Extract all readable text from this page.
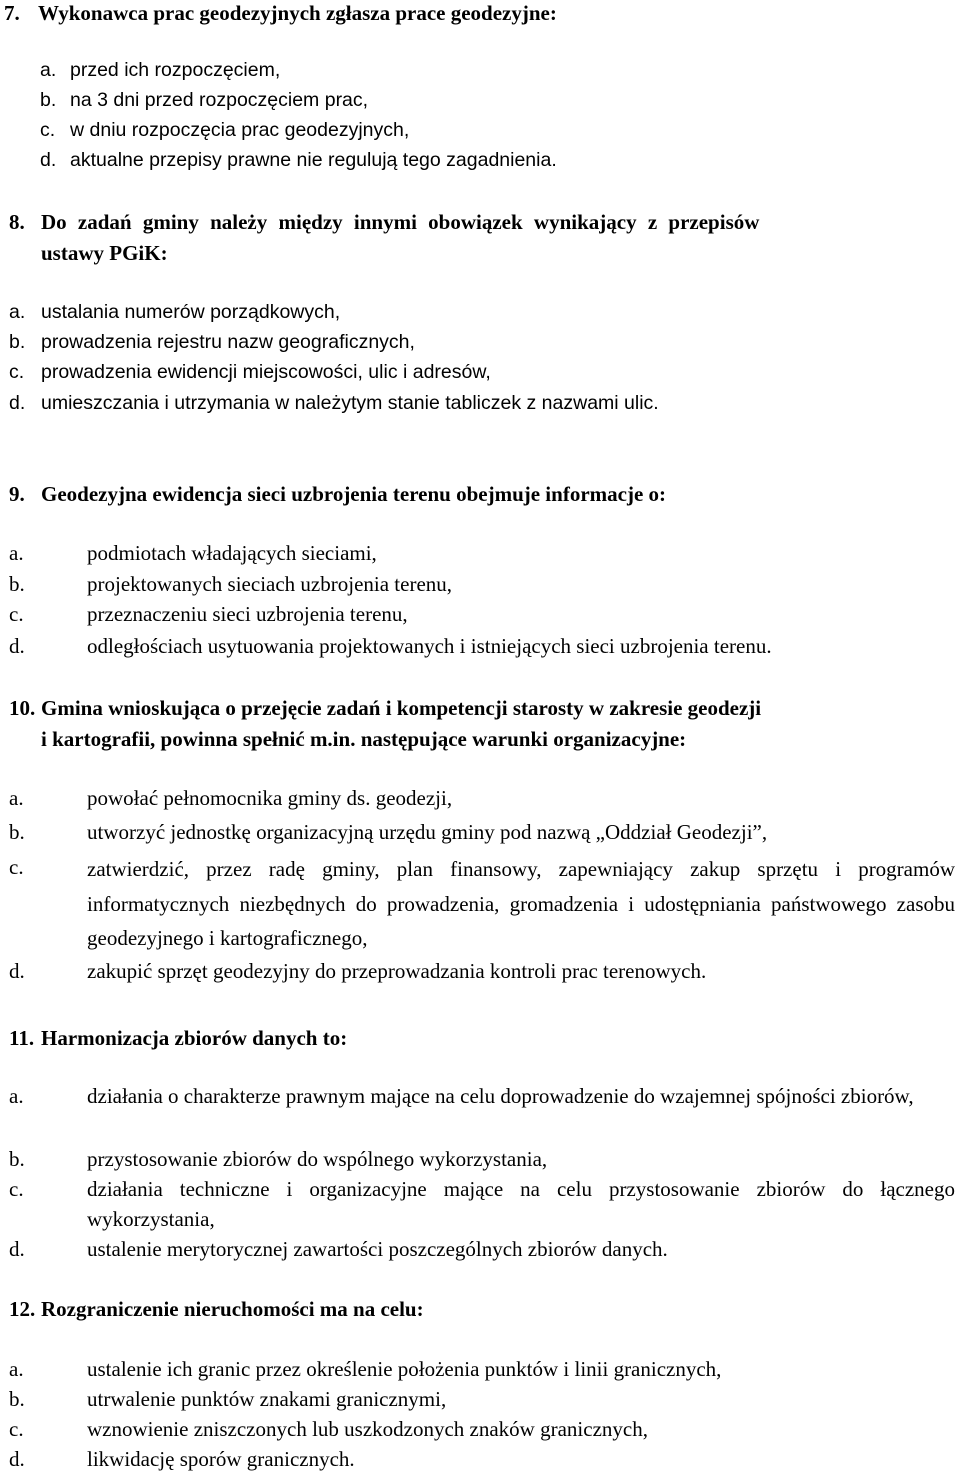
7. Wykonawca prac geodezyjnych zgłasza prace geodezyjne:
a. przed ich rozpoczęciem,
b. na 3 dni przed rozpoczęciem prac,
c. w dniu rozpoczęcia prac geodezyjnych,
d. aktualne przepisy prawne nie regulują tego zagadnienia.
8. Do zadań gminy należy między innymi obowiązek wynikający z przepisów
ustawy PGiK:
a. ustalania numerów porządkowych,
b. prowadzenia rejestru nazw geograficznych,
c. prowadzenia ewidencji miejscowości, ulic i adresów,
d. umieszczania i utrzymania w należytym stanie tabliczek z nazwami ulic.
9. Geodezyjna ewidencja sieci uzbrojenia terenu obejmuje informacje o:
a.	podmiotach władających sieciami,
b.	projektowanych sieciach uzbrojenia terenu,
c.	przeznaczeniu sieci uzbrojenia terenu,
d.	odległościach usytuowania projektowanych i istniejących sieci uzbrojenia terenu.
10. Gmina wnioskująca o przejęcie zadań i kompetencji starosty w zakresie geodezji
i kartografii, powinna spełnić m.in. następujące warunki organizacyjne:
a.	powołać pełnomocnika gminy ds. geodezji,
b.	utworzyć jednostkę organizacyjną urzędu gminy pod nazwą „Oddział Geodezji”,
c.	zatwierdzić, przez radę gminy, plan finansowy, zapewniający zakup sprzętu i programów informatycznych niezbędnych do prowadzenia, gromadzenia i udostępniania państwowego zasobu geodezyjnego i kartograficznego,
d.	zakupić sprzęt geodezyjny do przeprowadzania kontroli prac terenowych.
11. Harmonizacja zbiorów danych to:
a.	działania o charakterze prawnym mające na celu doprowadzenie do wzajemnej spójności zbiorów,
b.	przystosowanie zbiorów do wspólnego wykorzystania,
c.	działania techniczne i organizacyjne mające na celu przystosowanie zbiorów do łącznego wykorzystania,
d.	ustalenie merytorycznej zawartości poszczególnych zbiorów danych.
12. Rozgraniczenie nieruchomości ma na celu:
a.	ustalenie ich granic przez określenie położenia punktów i linii granicznych,
b.	utrwalenie punktów znakami granicznymi,
c.	wznowienie zniszczonych lub uszkodzonych znaków granicznych,
d.	likwidację sporów granicznych.
